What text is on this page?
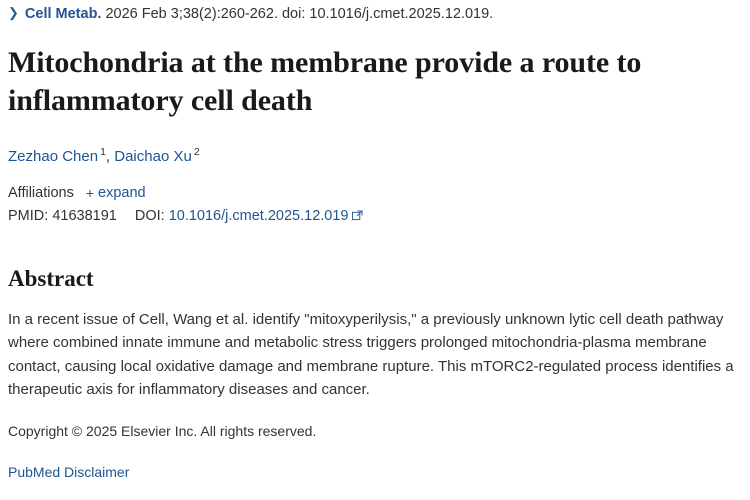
❯ Cell Metab. 2026 Feb 3;38(2):260-262. doi: 10.1016/j.cmet.2025.12.019.
Mitochondria at the membrane provide a route to inflammatory cell death
Zezhao Chen $^1$, Daichao Xu $^2$
Affiliations + expand
PMID: 41638191 DOI: 10.1016/j.cmet.2025.12.019
Abstract

In a recent issue of Cell, Wang et al. identify "mitoxyperilysis," a previously unknown lytic cell death pathway where combined innate immune and metabolic stress triggers prolonged mitochondria-plasma membrane contact, causing local oxidative damage and membrane rupture. This mTORC2-regulated process identifies a therapeutic axis for inflammatory diseases and cancer.

Copyright © 2025 Elsevier Inc. All rights reserved.
PubMed Disclaimer
